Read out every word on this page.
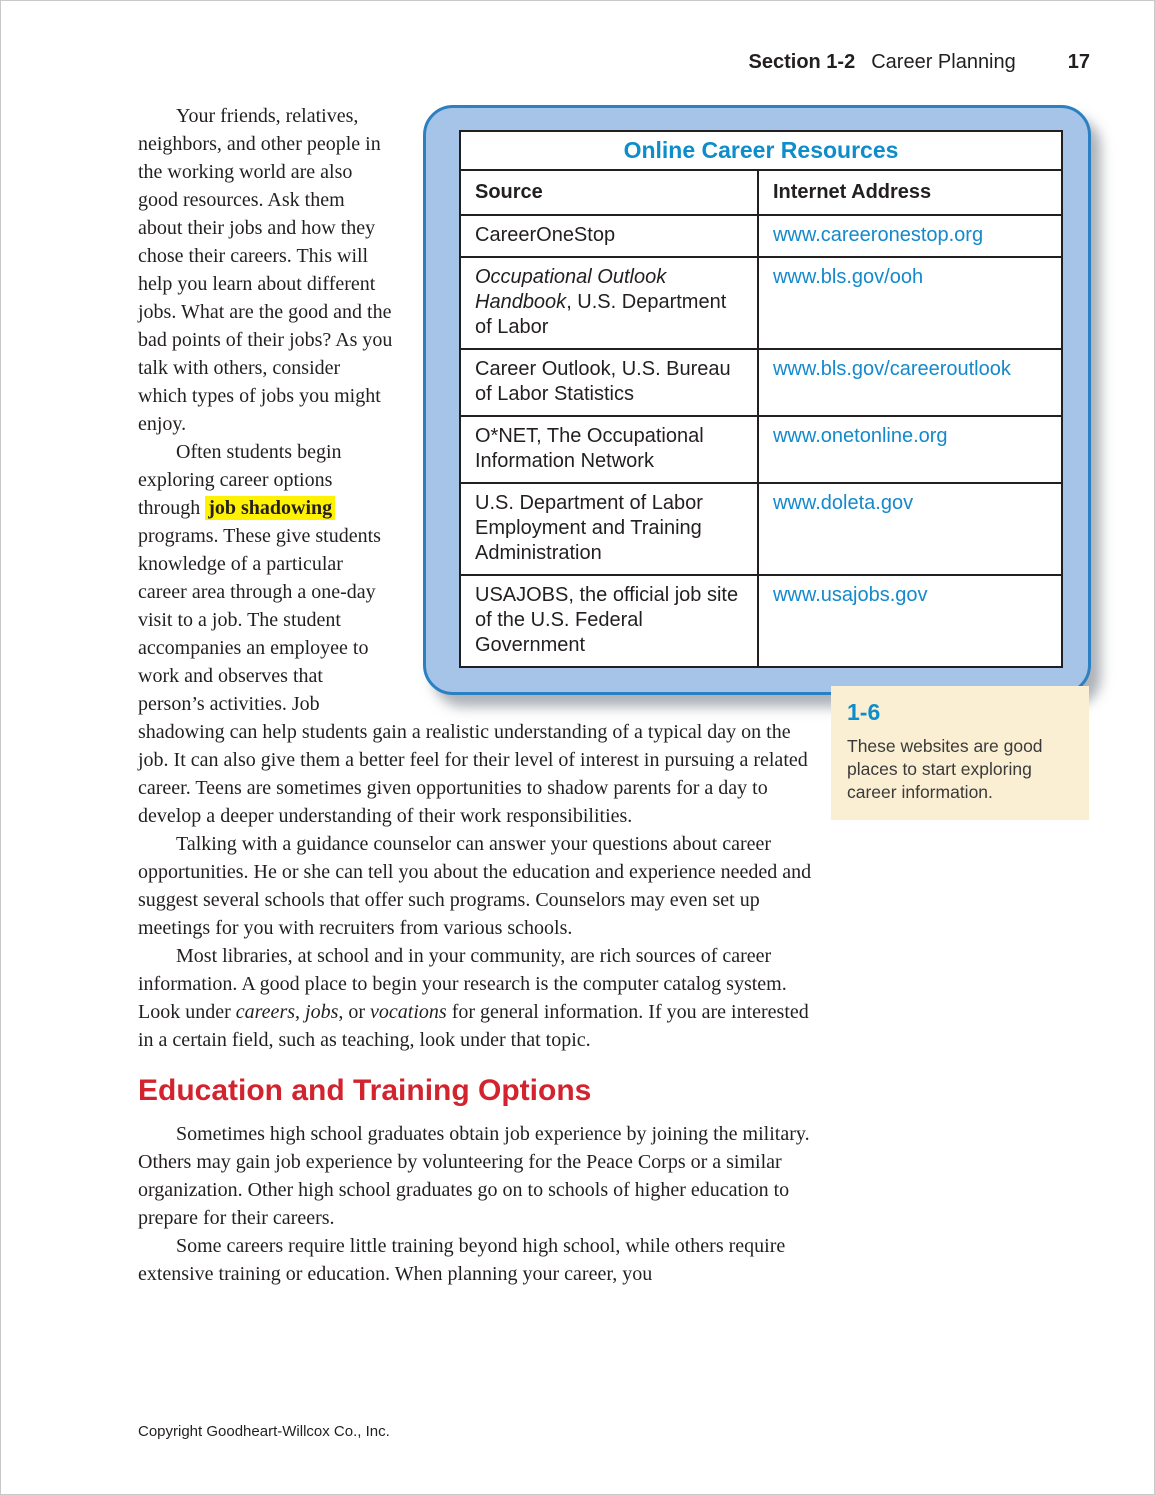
Section 1-2 Career Planning	17
Online Career Resources	
Source	Internet Address
CareerOneStop	www.careeronestop.org
Occupational Outlook Handbook, U.S. Department of Labor	www.bls.gov/ooh
Career Outlook, U.S. Bureau of Labor Statistics	www.bls.gov/careeroutlook
O*NET, The Occupational Information Network	www.onetonline.org
U.S. Department of Labor Employment and Training Administration	www.doleta.gov
USAJOBS, the official job site of the U.S. Federal Government	www.usajobs.gov
1-6
These websites are good places to start exploring career information.

Your friends, relatives, neighbors, and other people in the working world are also good resources. Ask them about their jobs and how they chose their careers. This will help you learn about different jobs. What are the good and the bad points of their jobs? As you talk with others, consider which types of jobs you might enjoy.

Often students begin exploring career options through job shadowing programs. These give students knowledge of a particular career area through a one-day visit to a job. The student accompanies an employee to work and observes that person’s activities. Job shadowing can help students gain a realistic understanding of a typical day on the job. It can also give them a better feel for their level of interest in pursuing a related career. Teens are sometimes given opportunities to shadow parents for a day to develop a deeper understanding of their work responsibilities.

Talking with a guidance counselor can answer your questions about career opportunities. He or she can tell you about the education and experience needed and suggest several schools that offer such programs. Counselors may even set up meetings for you with recruiters from various schools.

Most libraries, at school and in your community, are rich sources of career information. A good place to begin your research is the computer catalog system. Look under careers, jobs, or vocations for general information. If you are interested in a certain field, such as teaching, look under that topic.

Education and Training Options

Sometimes high school graduates obtain job experience by joining the military. Others may gain job experience by volunteering for the Peace Corps or a similar organization. Other high school graduates go on to schools of higher education to prepare for their careers.

Some careers require little training beyond high school, while others require extensive training or education. When planning your career, you

Copyright Goodheart-Willcox Co., Inc.
